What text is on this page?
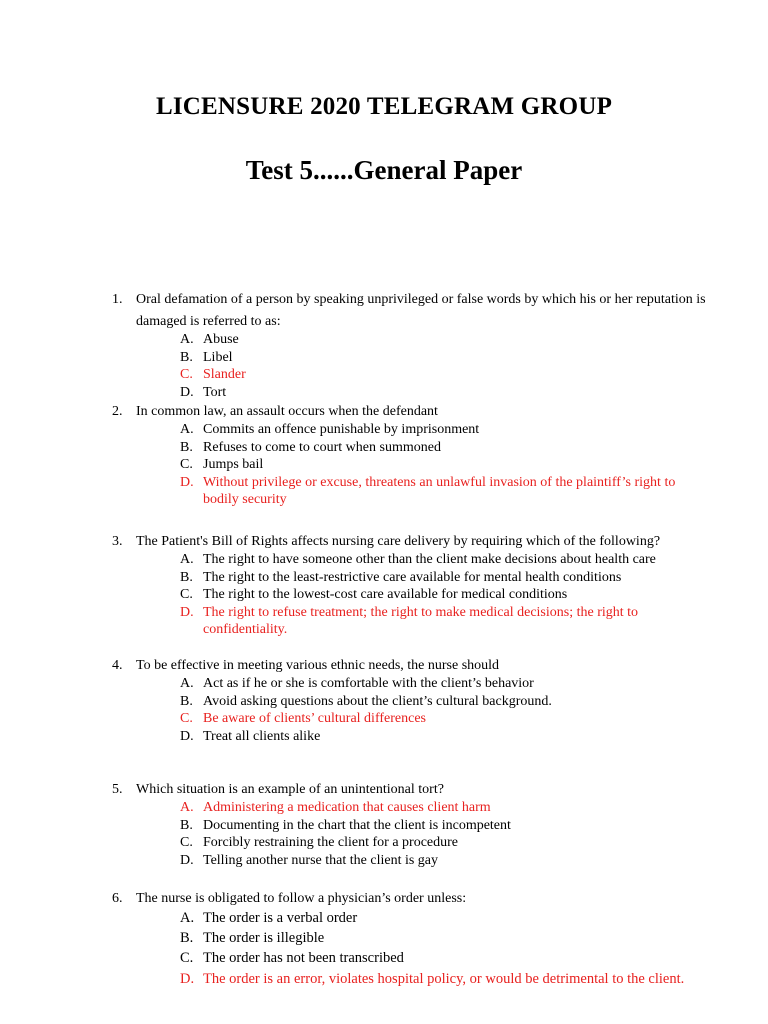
LICENSURE 2020 TELEGRAM GROUP
Test 5......General Paper
1. Oral defamation of a person by speaking unprivileged or false words by which his or her reputation is damaged is referred to as:
A. Abuse
B. Libel
C. Slander
D. Tort
2. In common law, an assault occurs when the defendant
A. Commits an offence punishable by imprisonment
B. Refuses to come to court when summoned
C. Jumps bail
D. Without privilege or excuse, threatens an unlawful invasion of the plaintiff’s right to bodily security
3. The Patient's Bill of Rights affects nursing care delivery by requiring which of the following?
A. The right to have someone other than the client make decisions about health care
B. The right to the least-restrictive care available for mental health conditions
C. The right to the lowest-cost care available for medical conditions
D. The right to refuse treatment; the right to make medical decisions; the right to confidentiality.
4. To be effective in meeting various ethnic needs, the nurse should
A. Act as if he or she is comfortable with the client’s behavior
B. Avoid asking questions about the client’s cultural background.
C. Be aware of clients’ cultural differences
D. Treat all clients alike
5. Which situation is an example of an unintentional tort?
A. Administering a medication that causes client harm
B. Documenting in the chart that the client is incompetent
C. Forcibly restraining the client for a procedure
D. Telling another nurse that the client is gay
6. The nurse is obligated to follow a physician’s order unless:
A. The order is a verbal order
B. The order is illegible
C. The order has not been transcribed
D. The order is an error, violates hospital policy, or would be detrimental to the client.
